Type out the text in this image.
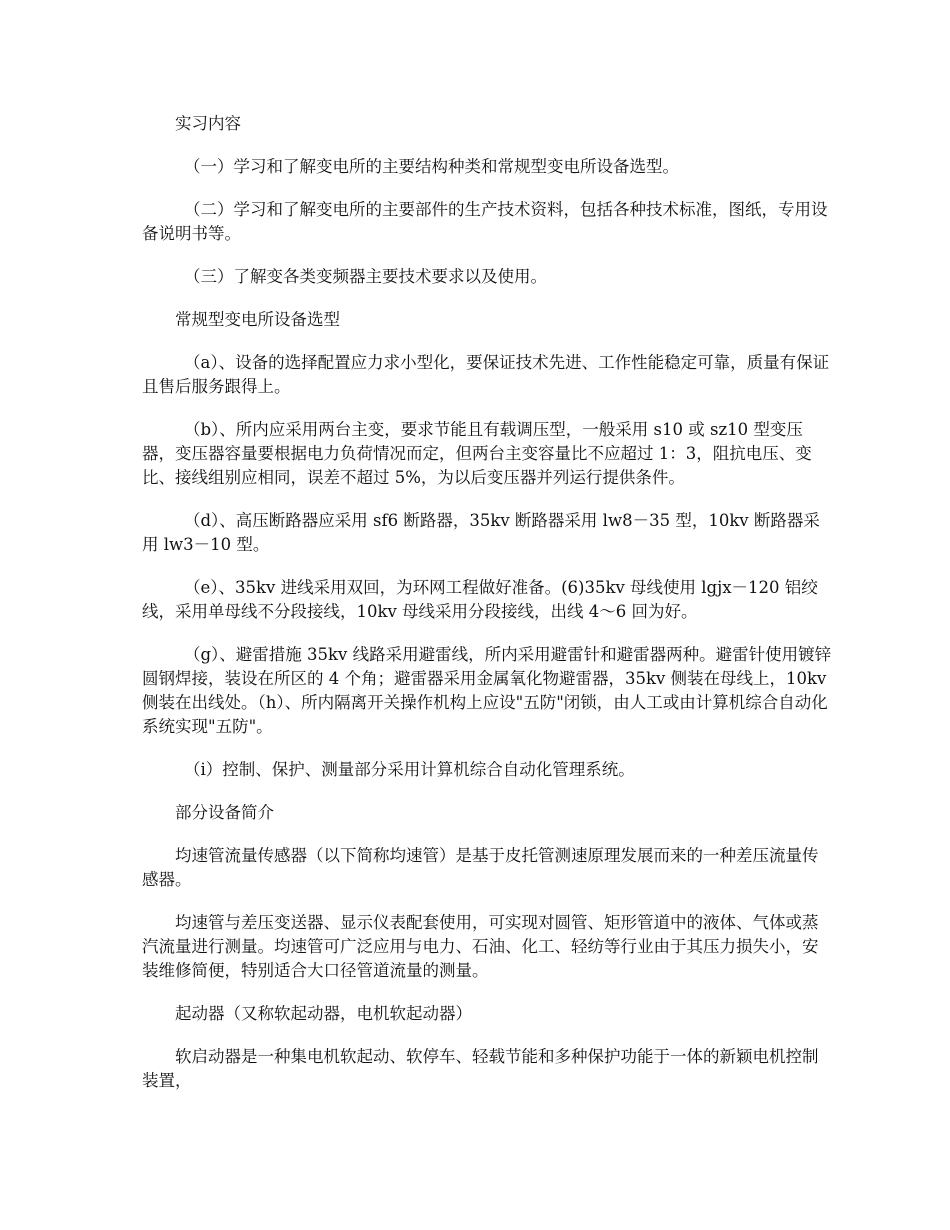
实习内容

（一）学习和了解变电所的主要结构种类和常规型变电所设备选型。

（二）学习和了解变电所的主要部件的生产技术资料，包括各种技术标准，图纸，专用设备说明书等。

（三）了解变各类变频器主要技术要求以及使用。

常规型变电所设备选型

（a）、设备的选择配置应力求小型化，要保证技术先进、工作性能稳定可靠，质量有保证且售后服务跟得上。

（b）、所内应采用两台主变，要求节能且有载调压型，一般采用 s10 或 sz10 型变压器，变压器容量要根据电力负荷情况而定，但两台主变容量比不应超过 1：3，阻抗电压、变比、接线组别应相同，误差不超过 5%，为以后变压器并列运行提供条件。

（d）、高压断路器应采用 sf6 断路器，35kv 断路器采用 lw8－35 型，10kv 断路器采用 lw3－10 型。

（e）、35kv 进线采用双回，为环网工程做好准备。(6)35kv 母线使用 lgjx－120 铝绞线，采用单母线不分段接线，10kv 母线采用分段接线，出线 4～6 回为好。

（g）、避雷措施 35kv 线路采用避雷线，所内采用避雷针和避雷器两种。避雷针使用镀锌圆钢焊接，装设在所区的 4 个角；避雷器采用金属氧化物避雷器，35kv 侧装在母线上，10kv 侧装在出线处。（h）、所内隔离开关操作机构上应设"五防"闭锁，由人工或由计算机综合自动化系统实现"五防"。

（i）控制、保护、测量部分采用计算机综合自动化管理系统。

部分设备简介

均速管流量传感器（以下简称均速管）是基于皮托管测速原理发展而来的一种差压流量传感器。

均速管与差压变送器、显示仪表配套使用，可实现对圆管、矩形管道中的液体、气体或蒸汽流量进行测量。均速管可广泛应用与电力、石油、化工、轻纺等行业由于其压力损失小，安装维修简便，特别适合大口径管道流量的测量。

起动器（又称软起动器，电机软起动器）

软启动器是一种集电机软起动、软停车、轻载节能和多种保护功能于一体的新颖电机控制装置，
